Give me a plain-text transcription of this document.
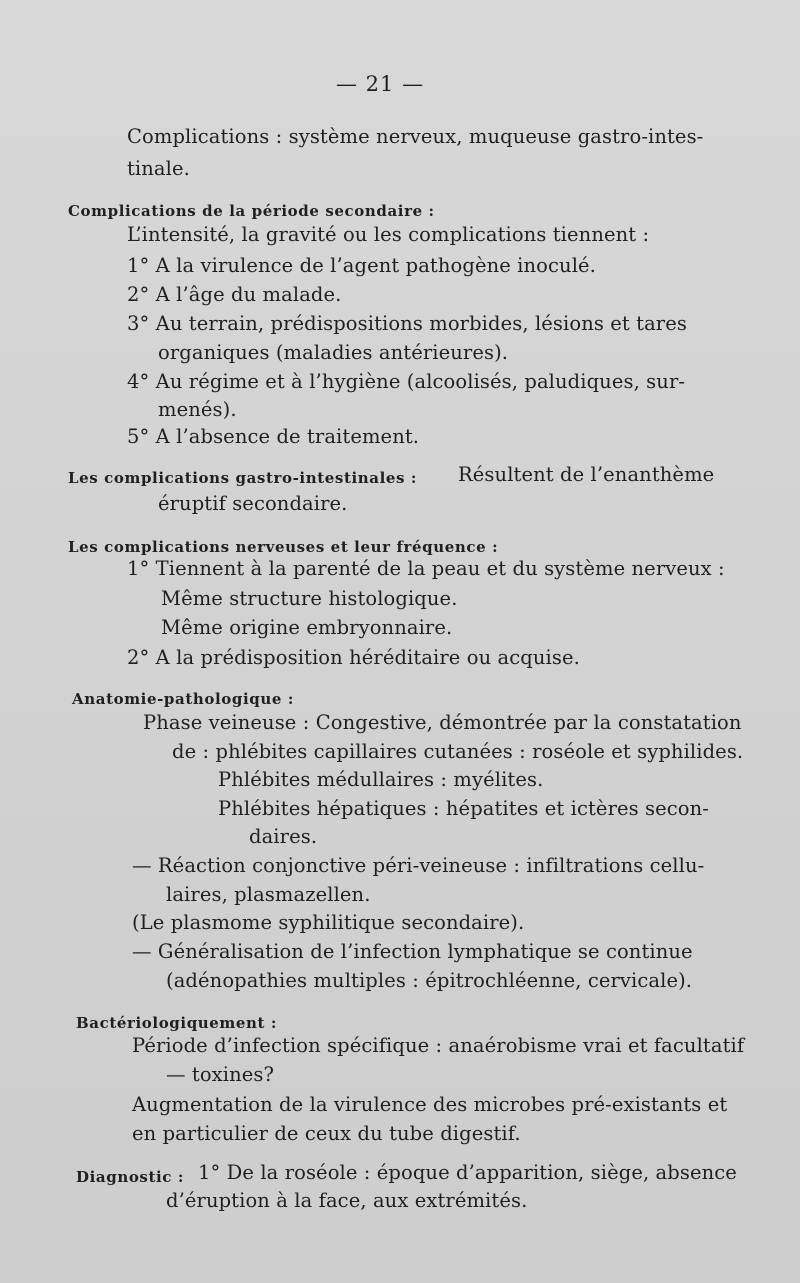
— 21 —
Complications : système nerveux, muqueuse gastro-intes-
tinale.
Complications de la période secondaire :
L’intensité, la gravité ou les complications tiennent :
1° A la virulence de l’agent pathogène inoculé.
2° A l’âge du malade.
3° Au terrain, prédispositions morbides, lésions et tares
organiques (maladies antérieures).
4° Au régime et à l’hygiène (alcoolisés, paludiques, sur-
menés).
5° A l’absence de traitement.
Les complications gastro-intestinales : Résultent de l’enanthème
éruptif secondaire.
Les complications nerveuses et leur fréquence :
1° Tiennent à la parenté de la peau et du système nerveux :
Même structure histologique.
Même origine embryonnaire.
2° A la prédisposition héréditaire ou acquise.
Anatomie-pathologique :
Phase veineuse : Congestive, démontrée par la constatation
de : phlébites capillaires cutanées : roséole et syphilides.
Phlébites médullaires : myélites.
Phlébites hépatiques : hépatites et ictères secon-
daires.
— Réaction conjonctive péri-veineuse : infiltrations cellu-
laires, plasmazellen.
(Le plasmome syphilitique secondaire).
— Généralisation de l’infection lymphatique se continue
(adénopathies multiples : épitrochléenne, cervicale).
Bactériologiquement :
Période d’infection spécifique : anaérobisme vrai et facultatif
— toxines?
Augmentation de la virulence des microbes pré-existants et
en particulier de ceux du tube digestif.
Diagnostic : 1° De la roséole : époque d’apparition, siège, absence
d’éruption à la face, aux extrémités.
